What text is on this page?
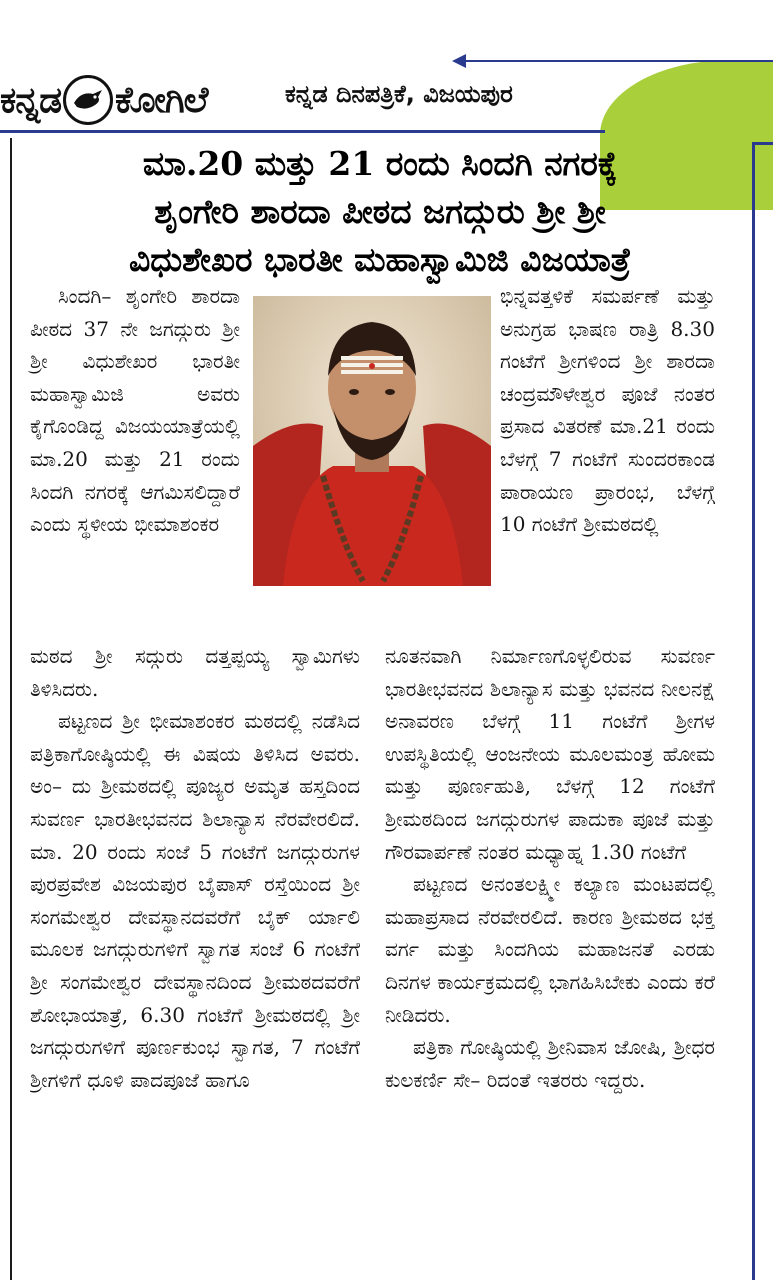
ಕನ್ನಡ ಕೋಗಿಲೆ	ಕನ್ನಡ ದಿನಪತ್ರಿಕೆ, ವಿಜಯಪುರ
ಮಾ.20 ಮತ್ತು 21 ರಂದು ಸಿಂದಗಿ ನಗರಕ್ಕೆ
ಶೃಂಗೇರಿ ಶಾರದಾ ಪೀಠದ ಜಗದ್ಗುರು ಶ್ರೀ ಶ್ರೀ
ವಿಧುಶೇಖರ ಭಾರತೀ ಮಹಾಸ್ವಾಮಿಜಿ ವಿಜಯಾತ್ರೆ

ಸಿಂದಗಿ– ಶೃಂಗೇರಿ ಶಾರದಾ ಪೀಠದ 37 ನೇ ಜಗದ್ಗುರು ಶ್ರೀ ಶ್ರೀ ವಿಧುಶೇಖರ ಭಾರತೀ ಮಹಾಸ್ವಾಮಿಜಿ ಅವರು ಕೈಗೊಂಡಿದ್ದ ವಿಜಯಯಾತ್ರೆಯಲ್ಲಿ ಮಾ.20 ಮತ್ತು 21 ರಂದು ಸಿಂದಗಿ ನಗರಕ್ಕೆ ಆಗಮಿಸಲಿದ್ದಾರೆ ಎಂದು ಸ್ಥಳೀಯ ಭೀಮಾಶಂಕರ

ಮಠದ ಶ್ರೀ ಸದ್ಗುರು ದತ್ತಪ್ಪಯ್ಯ ಸ್ವಾಮಿಗಳು ತಿಳಿಸಿದರು.

ಪಟ್ಟಣದ ಶ್ರೀ ಭೀಮಾಶಂಕರ ಮಠದಲ್ಲಿ ನಡೆಸಿದ ಪತ್ರಿಕಾಗೋಷ್ಠಿಯಲ್ಲಿ ಈ ವಿಷಯ ತಿಳಿಸಿದ ಅವರು. ಅಂ– ದು ಶ್ರೀಮಠದಲ್ಲಿ ಪೂಜ್ಯರ ಅಮೃತ ಹಸ್ತದಿಂದ ಸುವರ್ಣ ಭಾರತೀಭವನದ ಶಿಲಾನ್ಯಾಸ ನೆರವೇರಲಿದೆ. ಮಾ. 20 ರಂದು ಸಂಜೆ 5 ಗಂಟೆಗೆ ಜಗದ್ಗುರುಗಳ ಪುರಪ್ರವೇಶ ವಿಜಯಪುರ ಬೈಪಾಸ್ ರಸ್ತೆಯಿಂದ ಶ್ರೀ ಸಂಗಮೇಶ್ವರ ದೇವಸ್ಥಾನದವರೆಗೆ ಬೈಕ್ ರ್ಯಾಲಿ ಮೂಲಕ ಜಗದ್ಗುರುಗಳಿಗೆ ಸ್ವಾಗತ ಸಂಜೆ 6 ಗಂಟೆಗೆ ಶ್ರೀ ಸಂಗಮೇಶ್ವರ ದೇವಸ್ಥಾನದಿಂದ ಶ್ರೀಮಠದವರೆಗೆ ಶೋಭಾಯಾತ್ರೆ, 6.30 ಗಂಟೆಗೆ ಶ್ರೀಮಠದಲ್ಲಿ ಶ್ರೀ ಜಗದ್ಗುರುಗಳಿಗೆ ಪೂರ್ಣಕುಂಭ ಸ್ವಾಗತ, 7 ಗಂಟೆಗೆ ಶ್ರೀಗಳಿಗೆ ಧೂಳಿ ಪಾದಪೂಜೆ ಹಾಗೂ

ಭಿನ್ನವತ್ತಳಿಕೆ ಸಮರ್ಪಣೆ ಮತ್ತು ಅನುಗ್ರಹ ಭಾಷಣ ರಾತ್ರಿ 8.30 ಗಂಟೆಗೆ ಶ್ರೀಗಳಿಂದ ಶ್ರೀ ಶಾರದಾ ಚಂದ್ರಮೌಳೇಶ್ವರ ಪೂಜೆ ನಂತರ ಪ್ರಸಾದ ವಿತರಣೆ ಮಾ.21 ರಂದು ಬೆಳಗ್ಗೆ 7 ಗಂಟೆಗೆ ಸುಂದರಕಾಂಡ ಪಾರಾಯಣ ಪ್ರಾರಂಭ, ಬೆಳಗ್ಗೆ 10 ಗಂಟೆಗೆ ಶ್ರೀಮಠದಲ್ಲಿ

ನೂತನವಾಗಿ ನಿರ್ಮಾಣಗೊಳ್ಳಲಿರುವ ಸುವರ್ಣ ಭಾರತೀಭವನದ ಶಿಲಾನ್ಯಾಸ ಮತ್ತು ಭವನದ ನೀಲನಕ್ಷೆ ಅನಾವರಣ ಬೆಳಗ್ಗೆ 11 ಗಂಟೆಗೆ ಶ್ರೀಗಳ ಉಪಸ್ಥಿತಿಯಲ್ಲಿ ಆಂಜನೇಯ ಮೂಲಮಂತ್ರ ಹೋಮ ಮತ್ತು ಪೂರ್ಣಹುತಿ, ಬೆಳಗ್ಗೆ 12 ಗಂಟೆಗೆ ಶ್ರೀಮಠದಿಂದ ಜಗದ್ಗುರುಗಳ ಪಾದುಕಾ ಪೂಜೆ ಮತ್ತು ಗೌರವಾರ್ಪಣೆ ನಂತರ ಮಧ್ಯಾಹ್ನ 1.30 ಗಂಟೆಗೆ

ಪಟ್ಟಣದ ಅನಂತಲಕ್ಷ್ಮೀ ಕಲ್ಯಾಣ ಮಂಟಪದಲ್ಲಿ ಮಹಾಪ್ರಸಾದ ನೆರವೇರಲಿದೆ. ಕಾರಣ ಶ್ರೀಮಠದ ಭಕ್ತ ವರ್ಗ ಮತ್ತು ಸಿಂದಗಿಯ ಮಹಾಜನತೆ ಎರಡು ದಿನಗಳ ಕಾರ್ಯಕ್ರಮದಲ್ಲಿ ಭಾಗಹಿಸಿಬೇಕು ಎಂದು ಕರೆ ನೀಡಿದರು.

ಪತ್ರಿಕಾ ಗೋಷ್ಠಿಯಲ್ಲಿ ಶ್ರೀನಿವಾಸ ಜೋಷಿ, ಶ್ರೀಧರ ಕುಲಕರ್ಣಿ ಸೇ– ರಿದಂತೆ ಇತರರು ಇದ್ದರು.
